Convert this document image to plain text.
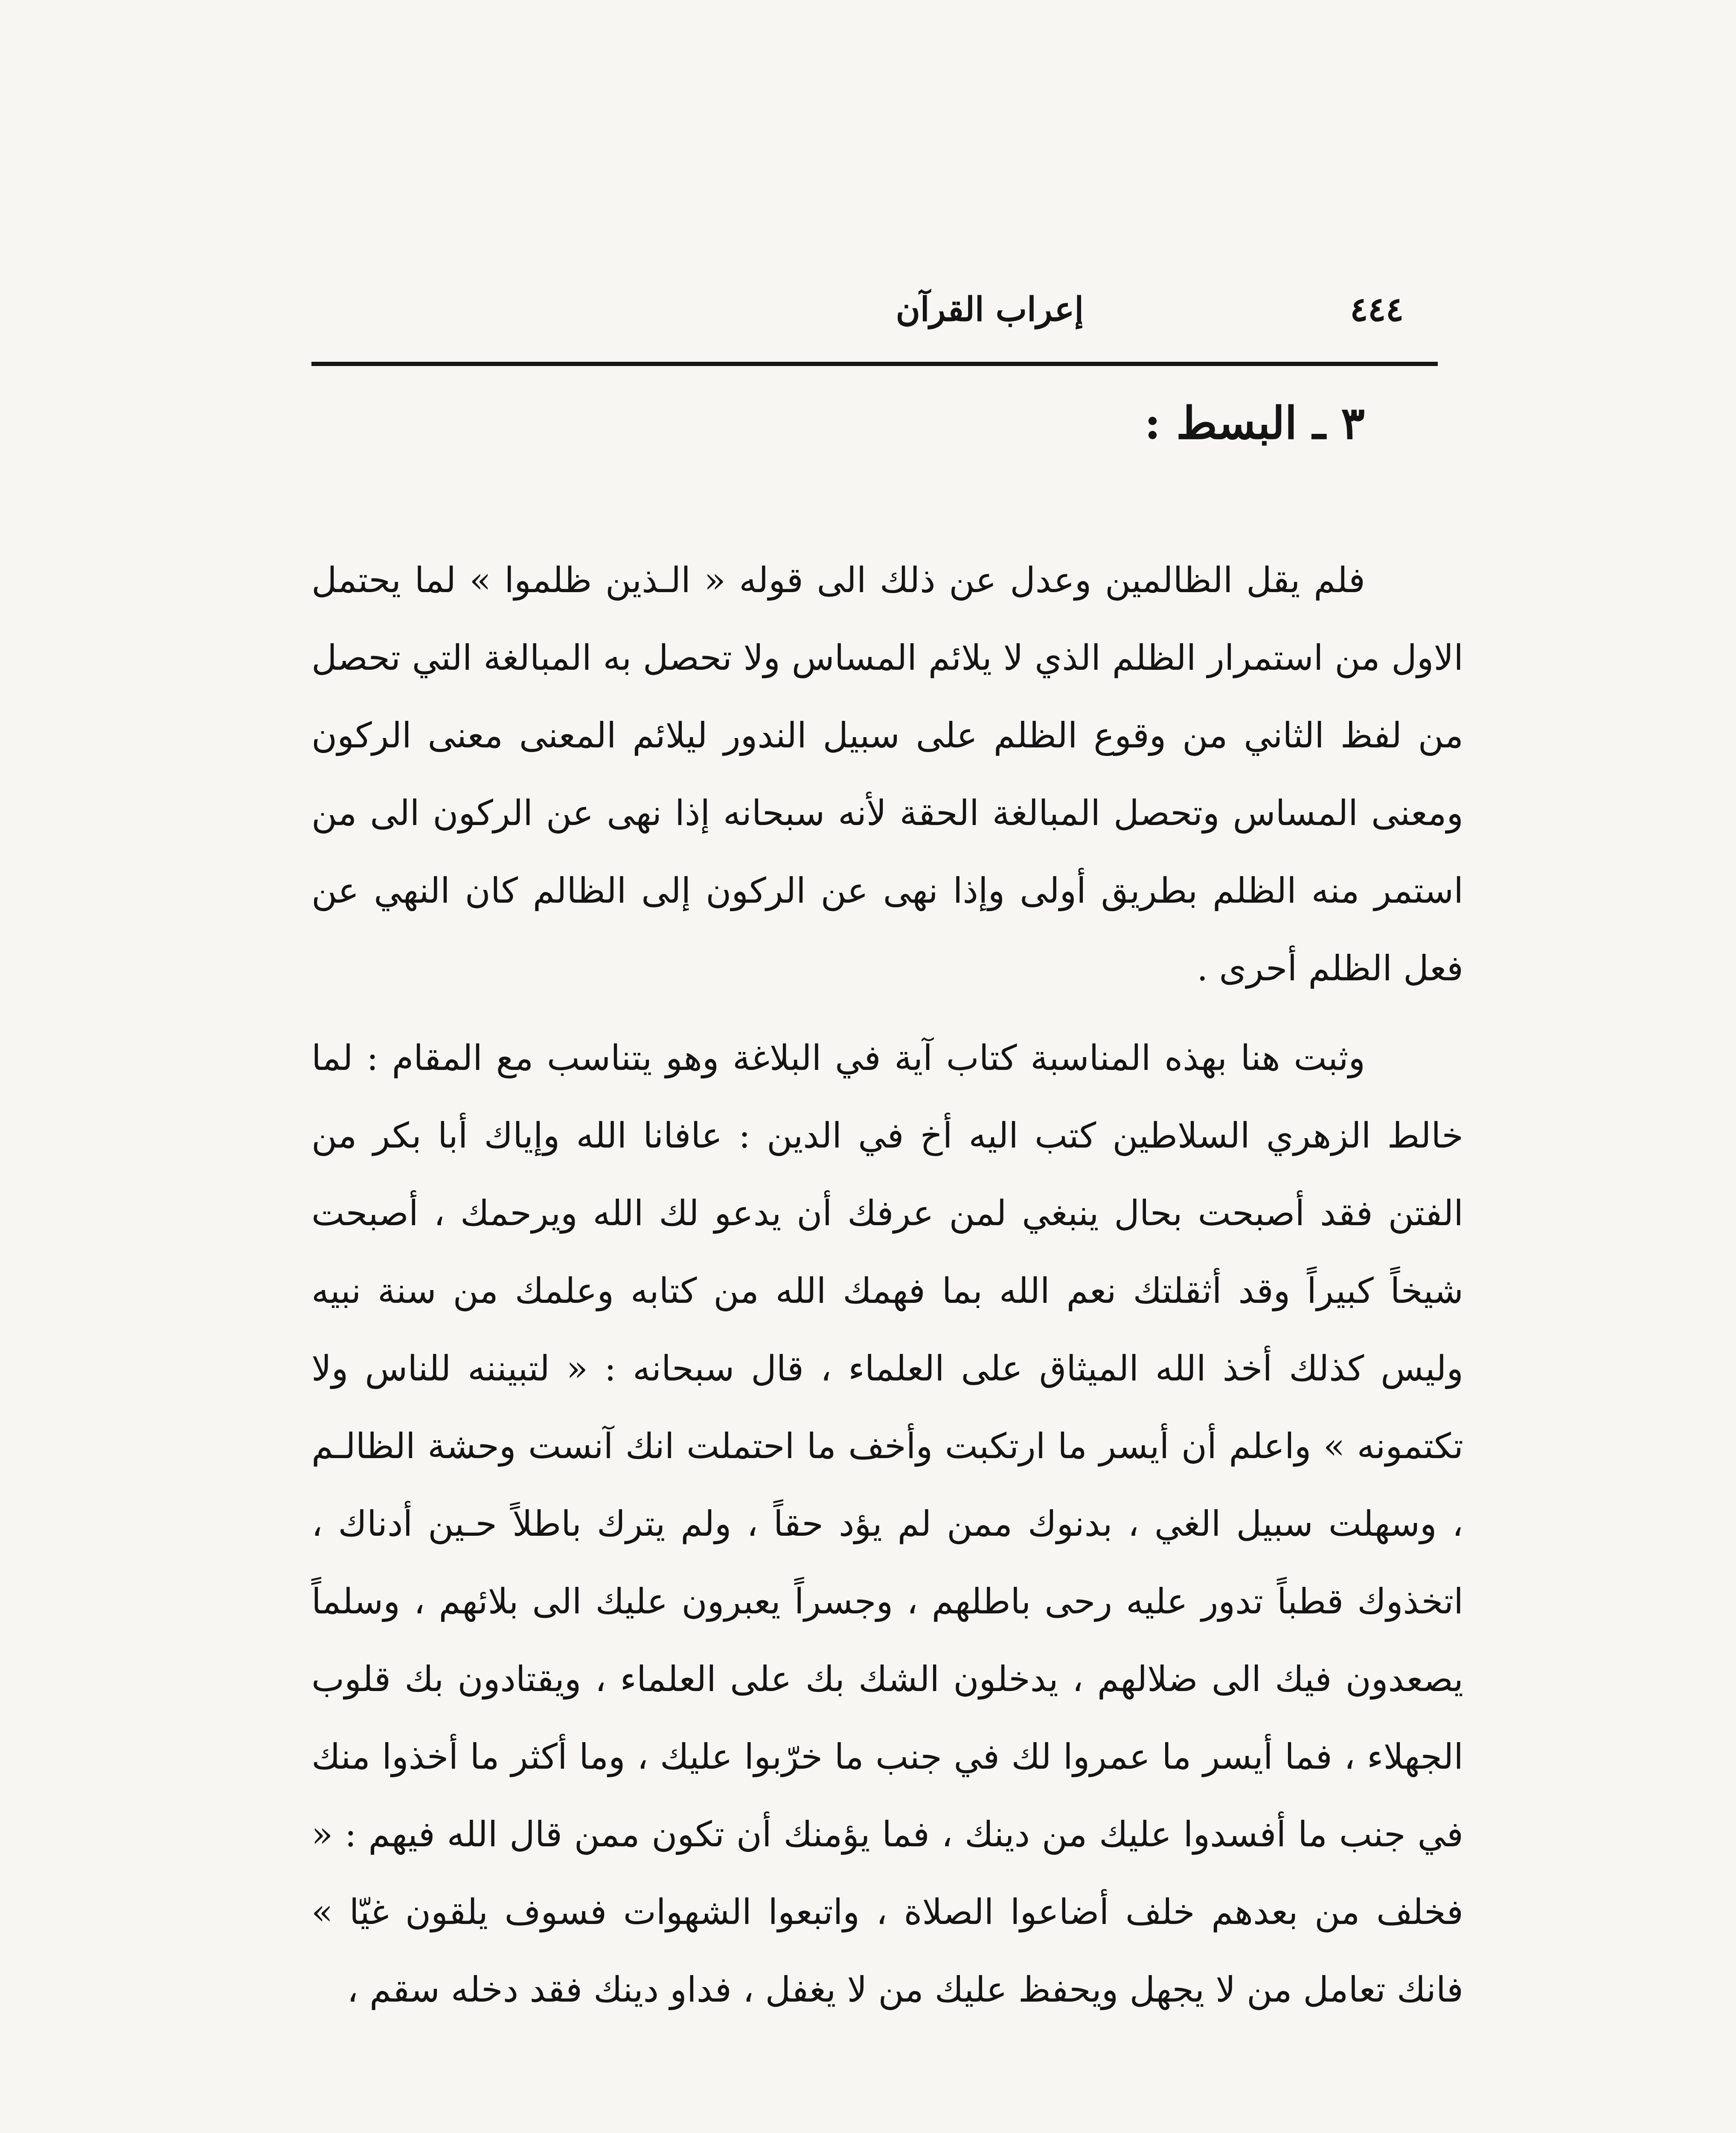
٤٤٤
إعراب القرآن
٣ ـ البسط :

فلم يقل الظالمين وعدل عن ذلك الى قوله « الـذين ظلموا » لما يحتمل الاول من استمرار الظلم الذي لا يلائم المساس ولا تحصل به المبالغة التي تحصل من لفظ الثاني من وقوع الظلم على سبيل الندور ليلائم المعنى معنى الركون ومعنى المساس وتحصل المبالغة الحقة لأنه سبحانه إذا نهى عن الركون الى من استمر منه الظلم بطريق أولى وإذا نهى عن الركون إلى الظالم كان النهي عن فعل الظلم أحرى .

وثبت هنا بهذه المناسبة كتاب آية في البلاغة وهو يتناسب مع المقام : لما خالط الزهري السلاطين كتب اليه أخ في الدين : عافانا الله وإياك أبا بكر من الفتن فقد أصبحت بحال ينبغي لمن عرفك أن يدعو لك الله ويرحمك ، أصبحت شيخاً كبيراً وقد أثقلتك نعم الله بما فهمك الله من كتابه وعلمك من سنة نبيه وليس كذلك أخذ الله الميثاق على العلماء ، قال سبحانه : « لتبيننه للناس ولا تكتمونه » واعلم أن أيسر ما ارتكبت وأخف ما احتملت انك آنست وحشة الظالـم ، وسهلت سبيل الغي ، بدنوك ممن لم يؤد حقاً ، ولم يترك باطلاً حـين أدناك ، اتخذوك قطباً تدور عليه رحى باطلهم ، وجسراً يعبرون عليك الى بلائهم ، وسلماً يصعدون فيك الى ضلالهم ، يدخلون الشك بك على العلماء ، ويقتادون بك قلوب الجهلاء ، فما أيسر ما عمروا لك في جنب ما خرّبوا عليك ، وما أكثر ما أخذوا منك في جنب ما أفسدوا عليك من دينك ، فما يؤمنك أن تكون ممن قال الله فيهم : « فخلف من بعدهم خلف أضاعوا الصلاة ، واتبعوا الشهوات فسوف يلقون غيّا » فانك تعامل من لا يجهل ويحفظ عليك من لا يغفل ، فداو دينك فقد دخله سقم ،
